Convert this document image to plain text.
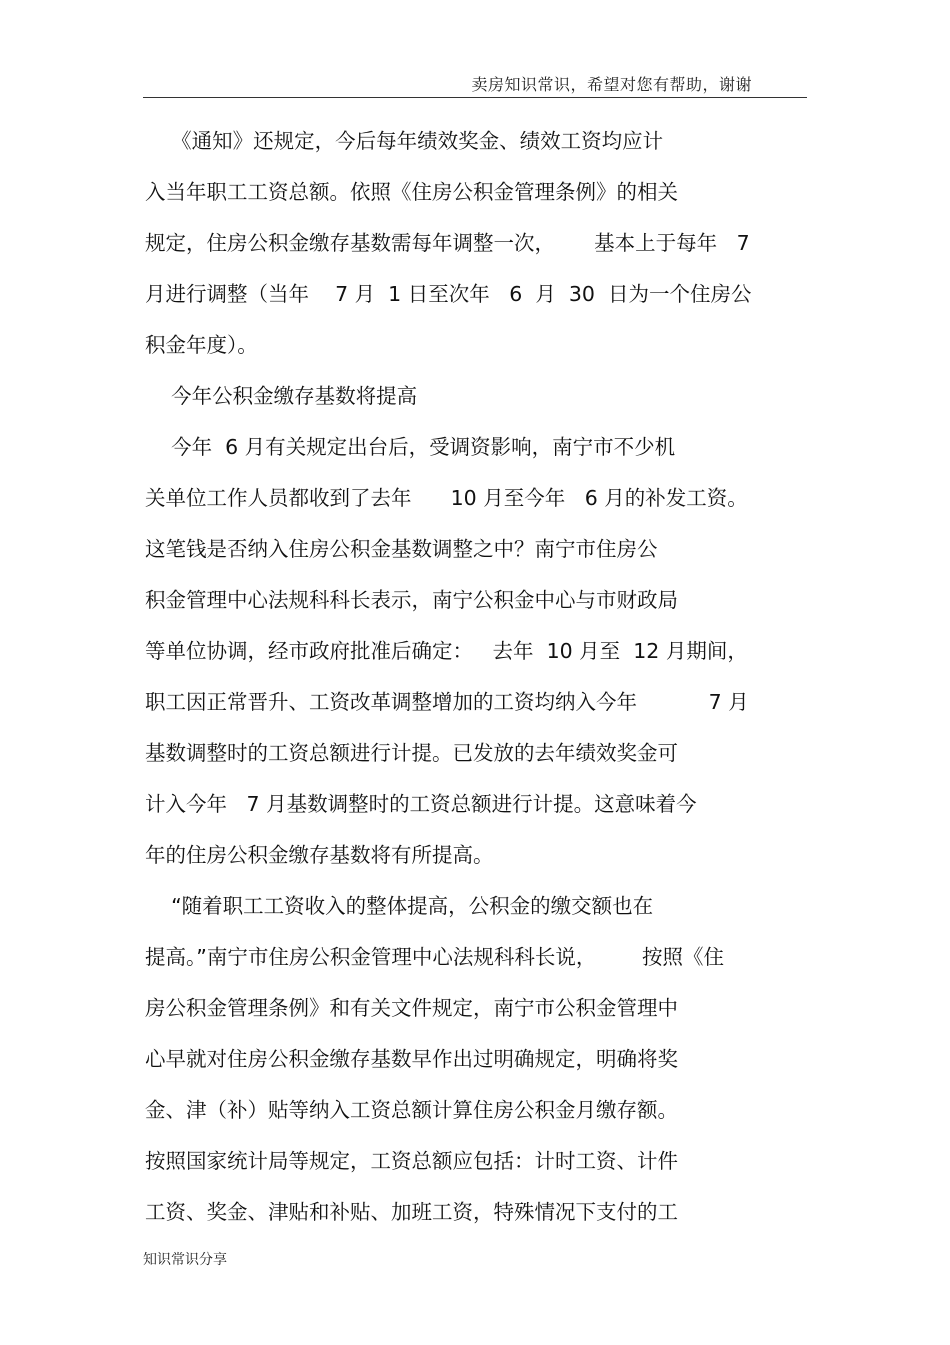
卖房知识常识，希望对您有帮助，谢谢
《通知》还规定，今后每年绩效奖金、绩效工资均应计
入当年职工工资总额。依照《住房公积金管理条例》的相关
规定，住房公积金缴存基数需每年调整一次，      基本上于每年   7
月进行调整（当年    7 月  1 日至次年   6  月  30  日为一个住房公
积金年度）。
今年公积金缴存基数将提高
今年  6 月有关规定出台后，受调资影响，南宁市不少机
关单位工作人员都收到了去年      10 月至今年   6 月的补发工资。
这笔钱是否纳入住房公积金基数调整之中？南宁市住房公
积金管理中心法规科科长表示，南宁公积金中心与市财政局
等单位协调，经市政府批准后确定：   去年  10 月至  12 月期间，
职工因正常晋升、工资改革调整增加的工资均纳入今年           7 月
基数调整时的工资总额进行计提。已发放的去年绩效奖金可
计入今年   7 月基数调整时的工资总额进行计提。这意味着今
年的住房公积金缴存基数将有所提高。
“随着职工工资收入的整体提高，公积金的缴交额也在
提高。”南宁市住房公积金管理中心法规科科长说，       按照《住
房公积金管理条例》和有关文件规定，南宁市公积金管理中
心早就对住房公积金缴存基数早作出过明确规定，明确将奖
金、津（补）贴等纳入工资总额计算住房公积金月缴存额。
按照国家统计局等规定，工资总额应包括：计时工资、计件
工资、奖金、津贴和补贴、加班工资，特殊情况下支付的工
知识常识分享
